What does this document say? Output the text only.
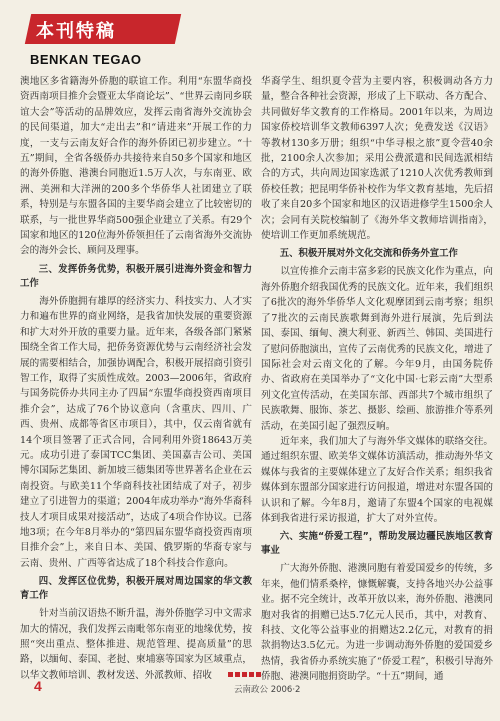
本刊特稿
BENKAN TEGAO

澳地区多省籍海外侨胞的联谊工作。利用“东盟华商投资西南项目推介会暨亚太华商论坛”、“世界云南同乡联谊大会”等活动的品牌效应，发挥云南省海外交流协会的民间渠道，加大“走出去”和“请进来”开展工作的力度，一支与云南友好合作的海外侨团已初步建立。“十五”期间，全省各级侨办共接待来自50多个国家和地区的海外侨胞、港澳台同胞近1.5万人次，与东南亚、欧洲、美洲和大洋洲的200多个华侨华人社团建立了联系，特别是与东盟各国的主要华商会建立了比较密切的联系，与一批世界华商500强企业建立了关系。有29个国家和地区的120位海外侨领担任了云南省海外交流协会的海外会长、顾问及理事。

三、发挥侨务优势，积极开展引进海外资金和智力工作

海外侨胞拥有雄厚的经济实力、科技实力、人才实力和遍布世界的商业网络，是我省加快发展的重要资源和扩大对外开放的重要力量。近年来，各级各部门紧紧围绕全省工作大局，把侨务资源优势与云南经济社会发展的需要相结合，加强协调配合，积极开展招商引资引智工作，取得了实质性成效。2003—2006年，省政府与国务院侨办共同主办了四届“东盟华商投资西南项目推介会”，达成了76个协议意向（含重庆、四川、广西、贵州、成都等省区市项目），其中，仅云南省就有14个项目签署了正式合同，合同利用外资18643万美元。成功引进了泰国TCC集团、美国嘉吉公司、美国博尔国际艺集团、新加坡三德集团等世界著名企业在云南投资。与欧美11个华商科技社团结成了对子，初步建立了引进智力的渠道；2004年成功举办“海外华裔科技人才项目成果对接活动”，达成了4项合作协议。已落地3项；在今年8月举办的“第四届东盟华商投资西南项目推介会”上，来自日本、美国、俄罗斯的华裔专家与云南、贵州、广西等省达成了18个科技合作意向。

四、发挥区位优势，积极开展对周边国家的华文教育工作

针对当前汉语热不断升温，海外侨胞学习中文需求加大的情况，我们发挥云南毗邻东南亚的地缘优势，按照“突出重点、整体推进、规范管理、提高质量”的思路，以缅甸、泰国、老挝、柬埔寨等国家为区域重点，以华文教师培训、教材发送、外派教师、招收

华裔学生、组织夏令营为主要内容，积极调动各方力量，整合各种社会资源，形成了上下联动、各方配合、共同做好华文教育的工作格局。2001年以来，为周边国家侨校培训华文教师6397人次；免费发送《汉语》等教材130多万册；组织“中华寻根之旅”夏令营40余批，2100余人次参加；采用公费派遣和民间选派相结合的方式，共向周边国家选派了1210人次优秀教师到侨校任教；把昆明华侨补校作为华文教育基地，先后招收了来自20多个国家和地区的汉语进修学生1500余人次；会同有关院校编制了《海外华文教师培训指南》，使培训工作更加系统规范。

五、积极开展对外文化交流和侨务外宣工作

以宣传推介云南丰富多彩的民族文化作为重点，向海外侨胞介绍我国优秀的民族文化。近年来，我们组织了6批次的海外华侨华人文化观摩团到云南考察；组织了7批次的云南民族歌舞到海外进行展演，先后到法国、泰国、缅甸、澳大利亚、新西兰、韩国、美国进行了慰问侨胞演出，宣传了云南优秀的民族文化，增进了国际社会对云南文化的了解。今年9月，由国务院侨办、省政府在美国举办了“文化中国·七彩云南”大型系列文化宣传活动，在美国东部、西部共7个城市组织了民族歌舞、服饰、茶艺、摄影、绘画、旅游推介等系列活动，在美国引起了强烈反响。

近年来，我们加大了与海外华文媒体的联络交往。通过组织东盟、欧美华文媒体访滇活动，推动海外华文媒体与我省的主要媒体建立了友好合作关系；组织我省媒体到东盟部分国家进行访问报道，增进对东盟各国的认识和了解。今年8月，邀请了东盟4个国家的电视媒体到我省进行采访报道，扩大了对外宣传。

六、实施“侨爱工程”，帮助发展边疆民族地区教育事业

广大海外侨胞、港澳同胞有着爱国爱乡的传统，多年来，他们情系桑梓，慷慨解囊，支持各地兴办公益事业。据不完全统计，改革开放以来，海外侨胞、港澳同胞对我省的捐赠已达5.7亿元人民币，其中，对教育、科技、文化等公益事业的捐赠达2.2亿元，对教育的捐款捐物达3.5亿元。为进一步调动海外侨胞的爱国爱乡热情，我省侨办系统实施了“侨爱工程”，积极引导海外侨胞、港澳同胞捐资助学。“十五”期间，通

4	云南政公 2006·2
